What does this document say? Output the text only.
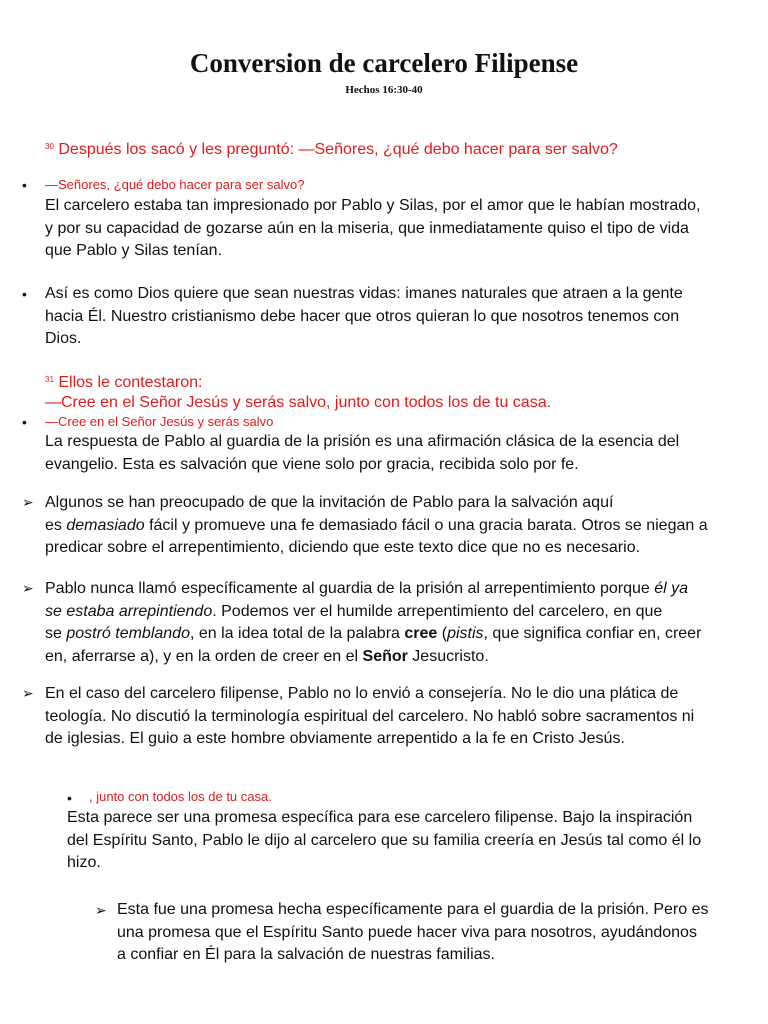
Conversion de carcelero Filipense
Hechos 16:30-40
$^{30}$ Después los sacó y les preguntó: —Señores, ¿qué debo hacer para ser salvo?
• —Señores, ¿qué debo hacer para ser salvo?
El carcelero estaba tan impresionado por Pablo y Silas, por el amor que le habían mostrado,
y por su capacidad de gozarse aún en la miseria, que inmediatamente quiso el tipo de vida
que Pablo y Silas tenían.
• Así es como Dios quiere que sean nuestras vidas: imanes naturales que atraen a la gente
hacia Él. Nuestro cristianismo debe hacer que otros quieran lo que nosotros tenemos con
Dios.
$^{31}$ Ellos le contestaron:
—Cree en el Señor Jesús y serás salvo, junto con todos los de tu casa.
• —Cree en el Señor Jesús y serás salvo
La respuesta de Pablo al guardia de la prisión es una afirmación clásica de la esencia del
evangelio. Esta es salvación que viene solo por gracia, recibida solo por fe.
➢ Algunos se han preocupado de que la invitación de Pablo para la salvación aquí
es demasiado fácil y promueve una fe demasiado fácil o una gracia barata. Otros se niegan a
predicar sobre el arrepentimiento, diciendo que este texto dice que no es necesario.
➢ Pablo nunca llamó específicamente al guardia de la prisión al arrepentimiento porque él ya
se estaba arrepintiendo. Podemos ver el humilde arrepentimiento del carcelero, en que
se postró temblando, en la idea total de la palabra cree (pistis, que significa confiar en, creer
en, aferrarse a), y en la orden de creer en el Señor Jesucristo.
➢ En el caso del carcelero filipense, Pablo no lo envió a consejería. No le dio una plática de
teología. No discutió la terminología espiritual del carcelero. No habló sobre sacramentos ni
de iglesias. El guio a este hombre obviamente arrepentido a la fe en Cristo Jesús.
•	, junto con todos los de tu casa.
Esta parece ser una promesa específica para ese carcelero filipense. Bajo la inspiración
del Espíritu Santo, Pablo le dijo al carcelero que su familia creería en Jesús tal como él lo
hizo.
➢ Esta fue una promesa hecha específicamente para el guardia de la prisión. Pero es
una promesa que el Espíritu Santo puede hacer viva para nosotros, ayudándonos
a confiar en Él para la salvación de nuestras familias.
